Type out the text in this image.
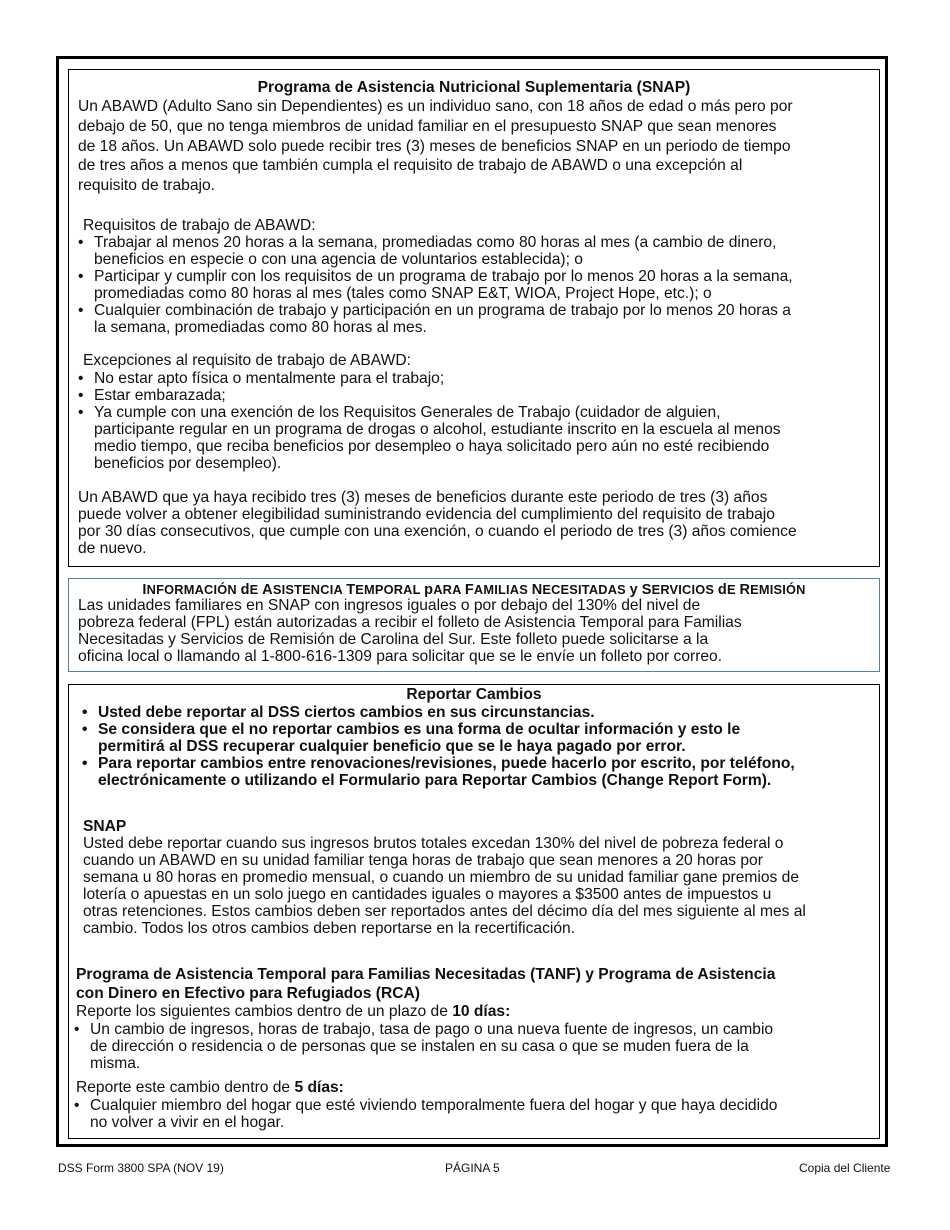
Programa de Asistencia Nutricional Suplementaria (SNAP)
Un ABAWD (Adulto Sano sin Dependientes) es un individuo sano, con 18 años de edad o más pero por
debajo de 50, que no tenga miembros de unidad familiar en el presupuesto SNAP que sean menores
de 18 años. Un ABAWD solo puede recibir tres (3) meses de beneficios SNAP en un periodo de tiempo
de tres años a menos que también cumpla el requisito de trabajo de ABAWD o una excepción al
requisito de trabajo.
Requisitos de trabajo de ABAWD:
• Trabajar al menos 20 horas a la semana, promediadas como 80 horas al mes (a cambio de dinero,
beneficios en especie o con una agencia de voluntarios establecida); o
• Participar y cumplir con los requisitos de un programa de trabajo por lo menos 20 horas a la semana,
promediadas como 80 horas al mes (tales como SNAP E&T, WIOA, Project Hope, etc.); o
• Cualquier combinación de trabajo y participación en un programa de trabajo por lo menos 20 horas a
la semana, promediadas como 80 horas al mes.
Excepciones al requisito de trabajo de ABAWD:
• No estar apto física o mentalmente para el trabajo;
• Estar embarazada;
• Ya cumple con una exención de los Requisitos Generales de Trabajo (cuidador de alguien,
participante regular en un programa de drogas o alcohol, estudiante inscrito en la escuela al menos
medio tiempo, que reciba beneficios por desempleo o haya solicitado pero aún no esté recibiendo
beneficios por desempleo).
Un ABAWD que ya haya recibido tres (3) meses de beneficios durante este periodo de tres (3) años
puede volver a obtener elegibilidad suministrando evidencia del cumplimiento del requisito de trabajo
por 30 días consecutivos, que cumple con una exención, o cuando el periodo de tres (3) años comience
de nuevo.
INFORMACIÓN dE ASISTENCIA TEMPORAL pARA FAMILIAS NECESITADAS y SERVICIOS dE REMISIÓN
Las unidades familiares en SNAP con ingresos iguales o por debajo del 130% del nivel de
pobreza federal (FPL) están autorizadas a recibir el folleto de Asistencia Temporal para Familias
Necesitadas y Servicios de Remisión de Carolina del Sur. Este folleto puede solicitarse a la
oficina local o llamando al 1-800-616-1309 para solicitar que se le envíe un folleto por correo.
Reportar Cambios
• Usted debe reportar al DSS ciertos cambios en sus circunstancias.
• Se considera que el no reportar cambios es una forma de ocultar información y esto le
permitirá al DSS recuperar cualquier beneficio que se le haya pagado por error.
• Para reportar cambios entre renovaciones/revisiones, puede hacerlo por escrito, por teléfono,
electrónicamente o utilizando el Formulario para Reportar Cambios (Change Report Form).
SNAP
Usted debe reportar cuando sus ingresos brutos totales excedan 130% del nivel de pobreza federal o
cuando un ABAWD en su unidad familiar tenga horas de trabajo que sean menores a 20 horas por
semana u 80 horas en promedio mensual, o cuando un miembro de su unidad familiar gane premios de
lotería o apuestas en un solo juego en cantidades iguales o mayores a $3500 antes de impuestos u
otras retenciones. Estos cambios deben ser reportados antes del décimo día del mes siguiente al mes al
cambio. Todos los otros cambios deben reportarse en la recertificación.
Programa de Asistencia Temporal para Familias Necesitadas (TANF) y Programa de Asistencia
con Dinero en Efectivo para Refugiados (RCA)
Reporte los siguientes cambios dentro de un plazo de 10 días:
• Un cambio de ingresos, horas de trabajo, tasa de pago o una nueva fuente de ingresos, un cambio
de dirección o residencia o de personas que se instalen en su casa o que se muden fuera de la
misma.
Reporte este cambio dentro de 5 días:
• Cualquier miembro del hogar que esté viviendo temporalmente fuera del hogar y que haya decidido
no volver a vivir en el hogar.
DSS Form 3800 SPA (NOV 19)	PÁGINA 5	Copia del Cliente
